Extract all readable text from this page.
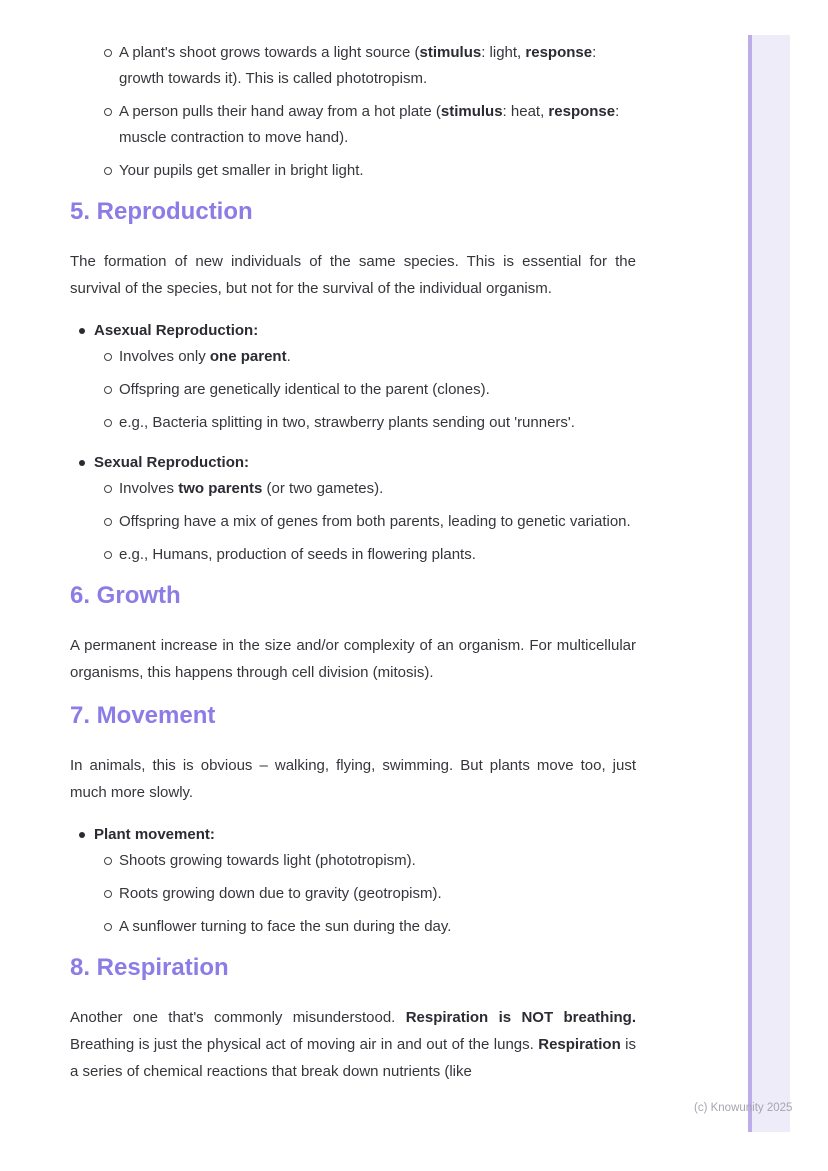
A plant's shoot grows towards a light source (stimulus: light, response: growth towards it). This is called phototropism.
A person pulls their hand away from a hot plate (stimulus: heat, response: muscle contraction to move hand).
Your pupils get smaller in bright light.
5. Reproduction

The formation of new individuals of the same species. This is essential for the survival of the species, but not for the survival of the individual organism.

Asexual Reproduction:
Involves only one parent.
Offspring are genetically identical to the parent (clones).
e.g., Bacteria splitting in two, strawberry plants sending out 'runners'.
Sexual Reproduction:
Involves two parents (or two gametes).
Offspring have a mix of genes from both parents, leading to genetic variation.
e.g., Humans, production of seeds in flowering plants.
6. Growth

A permanent increase in the size and/or complexity of an organism. For multicellular organisms, this happens through cell division (mitosis).

7. Movement

In animals, this is obvious – walking, flying, swimming. But plants move too, just much more slowly.

Plant movement:
Shoots growing towards light (phototropism).
Roots growing down due to gravity (geotropism).
A sunflower turning to face the sun during the day.
8. Respiration

Another one that's commonly misunderstood. Respiration is NOT breathing. Breathing is just the physical act of moving air in and out of the lungs. Respiration is a series of chemical reactions that break down nutrients (like

(c) Knowunity 2025
